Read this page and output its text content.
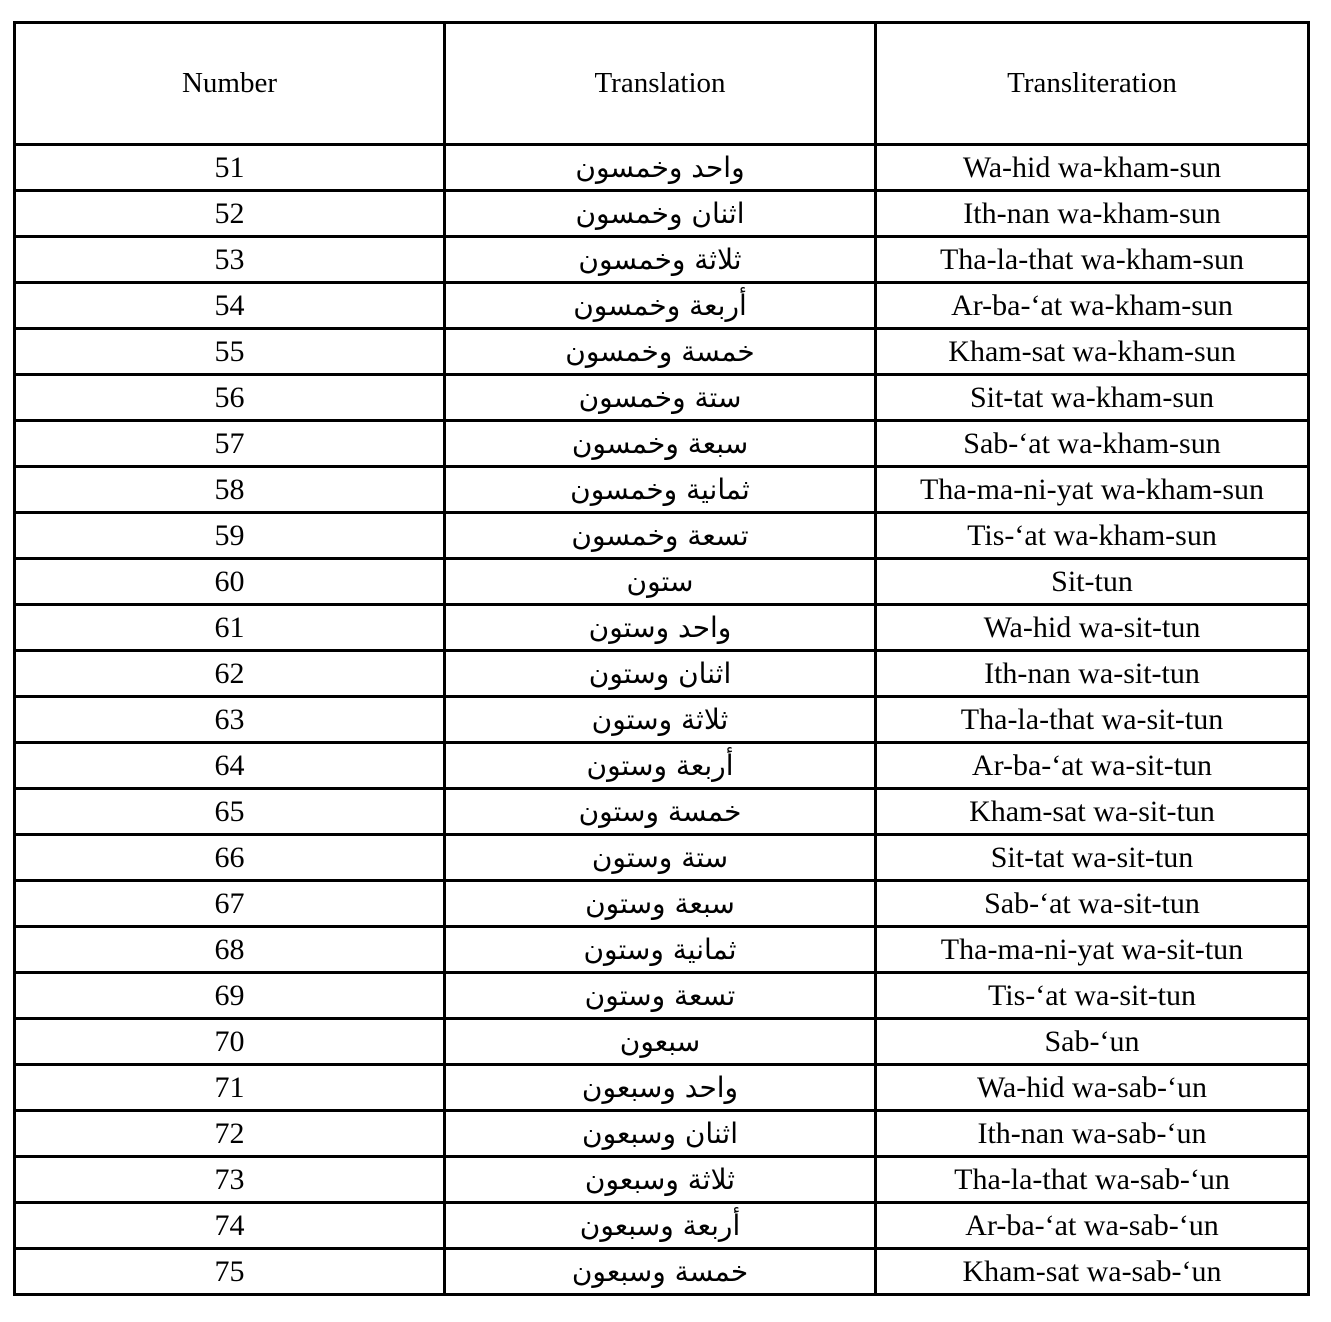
Number	Translation	Transliteration
51	واحد وخمسون	Wa-hid wa-kham-sun
52	اثنان وخمسون	Ith-nan wa-kham-sun
53	ثلاثة وخمسون	Tha-la-that wa-kham-sun
54	أربعة وخمسون	Ar-ba-‘at wa-kham-sun
55	خمسة وخمسون	Kham-sat wa-kham-sun
56	ستة وخمسون	Sit-tat wa-kham-sun
57	سبعة وخمسون	Sab-‘at wa-kham-sun
58	ثمانية وخمسون	Tha-ma-ni-yat wa-kham-sun
59	تسعة وخمسون	Tis-‘at wa-kham-sun
60	ستون	Sit-tun
61	واحد وستون	Wa-hid wa-sit-tun
62	اثنان وستون	Ith-nan wa-sit-tun
63	ثلاثة وستون	Tha-la-that wa-sit-tun
64	أربعة وستون	Ar-ba-‘at wa-sit-tun
65	خمسة وستون	Kham-sat wa-sit-tun
66	ستة وستون	Sit-tat wa-sit-tun
67	سبعة وستون	Sab-‘at wa-sit-tun
68	ثمانية وستون	Tha-ma-ni-yat wa-sit-tun
69	تسعة وستون	Tis-‘at wa-sit-tun
70	سبعون	Sab-‘un
71	واحد وسبعون	Wa-hid wa-sab-‘un
72	اثنان وسبعون	Ith-nan wa-sab-‘un
73	ثلاثة وسبعون	Tha-la-that wa-sab-‘un
74	أربعة وسبعون	Ar-ba-‘at wa-sab-‘un
75	خمسة وسبعون	Kham-sat wa-sab-‘un
